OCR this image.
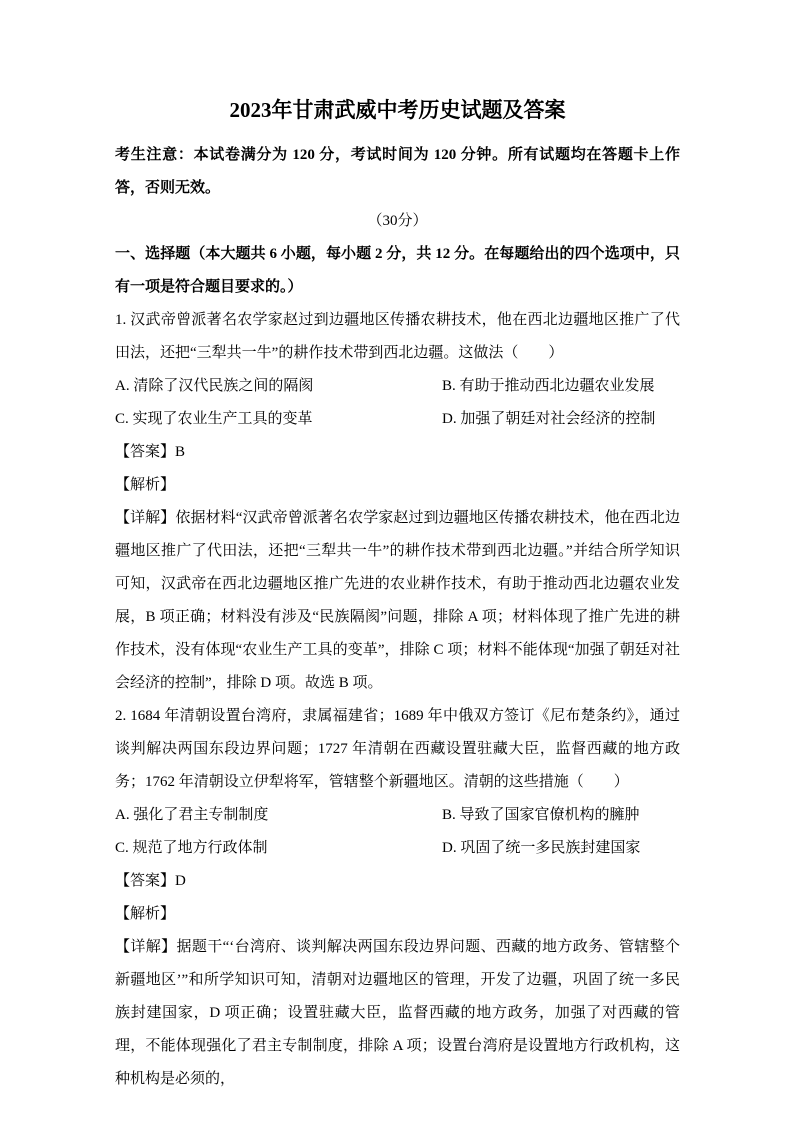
2023年甘肃武威中考历史试题及答案

考生注意：本试卷满分为 120 分，考试时间为 120 分钟。所有试题均在答题卡上作答，否则无效。

（30分）

一、选择题（本大题共 6 小题，每小题 2 分，共 12 分。在每题给出的四个选项中，只有一项是符合题目要求的。）

1. 汉武帝曾派著名农学家赵过到边疆地区传播农耕技术，他在西北边疆地区推广了代田法，还把“三犁共一牛”的耕作技术带到西北边疆。这做法（　　）

A. 清除了汉代民族之间的隔阂	B. 有助于推动西北边疆农业发展
C. 实现了农业生产工具的变革	D. 加强了朝廷对社会经济的控制

【答案】B

【解析】

【详解】依据材料“汉武帝曾派著名农学家赵过到边疆地区传播农耕技术，他在西北边疆地区推广了代田法，还把“三犁共一牛”的耕作技术带到西北边疆。”并结合所学知识可知，汉武帝在西北边疆地区推广先进的农业耕作技术，有助于推动西北边疆农业发展，B 项正确；材料没有涉及“民族隔阂”问题，排除 A 项；材料体现了推广先进的耕作技术，没有体现“农业生产工具的变革”，排除 C 项；材料不能体现“加强了朝廷对社会经济的控制”，排除 D 项。故选 B 项。

2. 1684 年清朝设置台湾府，隶属福建省；1689 年中俄双方签订《尼布楚条约》，通过谈判解决两国东段边界问题；1727 年清朝在西藏设置驻藏大臣，监督西藏的地方政务；1762 年清朝设立伊犁将军，管辖整个新疆地区。清朝的这些措施（　　）

A. 强化了君主专制制度	B. 导致了国家官僚机构的臃肿
C. 规范了地方行政体制	D. 巩固了统一多民族封建国家

【答案】D

【解析】

【详解】据题干“‘台湾府、谈判解决两国东段边界问题、西藏的地方政务、管辖整个新疆地区’”和所学知识可知，清朝对边疆地区的管理，开发了边疆，巩固了统一多民族封建国家，D 项正确；设置驻藏大臣，监督西藏的地方政务，加强了对西藏的管理，不能体现强化了君主专制制度，排除 A 项；设置台湾府是设置地方行政机构，这种机构是必须的，
